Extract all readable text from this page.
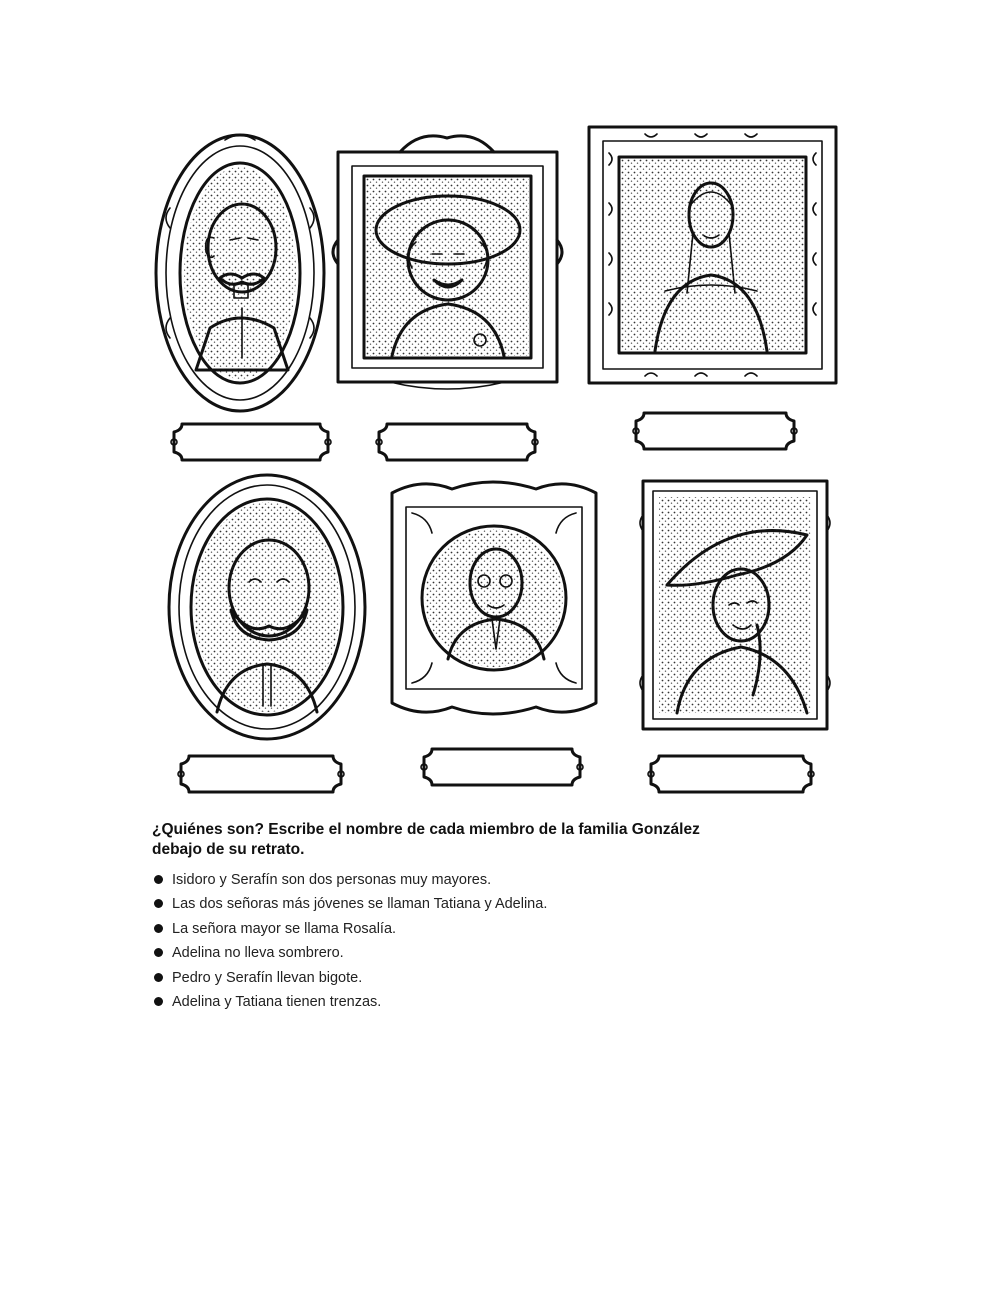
¿Quiénes son? Escribe el nombre de cada miembro de la familia González debajo de su retrato.

Isidoro y Serafín son dos personas muy mayores.
Las dos señoras más jóvenes se llaman Tatiana y Adelina.
La señora mayor se llama Rosalía.
Adelina no lleva sombrero.
Pedro y Serafín llevan bigote.
Adelina y Tatiana tienen trenzas.
